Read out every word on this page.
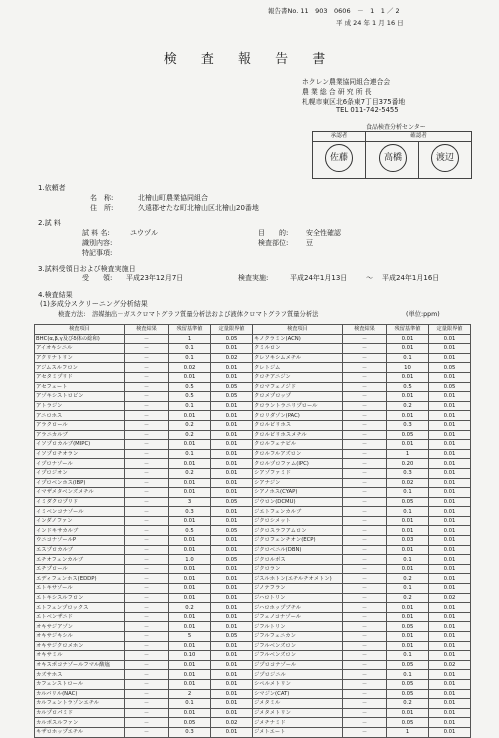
報告書No. 11　903　0606　－　1　1 ／ 2
平 成 24 年 1 月 16 日
検 査 報 告 書
ホクレン農業協同組合連合会
農 業 総 合 研 究 所 長
札幌市東区北6条東7丁目375番地
TEL 011-742-5455
食品検査分析センター
承認者	確認者
佐藤	高橋	渡辺
1.依頼者
名　称:	北檜山町農業協同組合
住　所:	久遠郡せたな町北檜山区北檜山20番地
2.試 料
試 料 名:	ユウヅル	目　　的:	安全性確認
識別内容:	検査部位:	豆
特記事項:
3.試料受領日および検査実施日
受　　領: 平成23年12月7日	検査実施:	平成24年1月13日	〜 平成24年1月16日
4.検査結果
(1)多成分スクリーニング分析結果
検査方法: 溶媒抽出－ガスクロマトグラフ質量分析法および液体クロマトグラフ質量分析法	(単位:ppm)
検査項目	検査結果	残留基準値	定量限界値
BHC(α,β,γ及びδ体の総和)	－	1	0.05
アイオキシニル	－	0.1	0.01
アクリナトリン	－	0.1	0.02
アジムスルフロン	－	0.02	0.01
アセタミプリド	－	0.01	0.01
アセフェート	－	0.5	0.05
アゾキシストロビン	－	0.5	0.05
アトラジン	－	0.1	0.01
アニロホス	－	0.01	0.01
アラクロール	－	0.2	0.01
アラニカルブ	－	0.2	0.01
イソプロカルブ(MIPC)	－	0.01	0.01
イソプロチオラン	－	0.1	0.01
イプロナゾール	－	0.01	0.01
イプロジオン	－	0.2	0.01
イプロベンホス(IBP)	－	0.01	0.01
イマザメタベンズメチル	－	0.01	0.01
イミダクロプリド	－	3	0.05
イミベンコナゾール	－	0.3	0.01
インダノファン	－	0.01	0.01
インドキサカルブ	－	0.5	0.05
ウニコナゾールP	－	0.01	0.01
エスプロカルブ	－	0.01	0.01
エチオフェンカルブ	－	1.0	0.05
エチプロール	－	0.01	0.01
エディフェンホス(EDDP)	－	0.01	0.01
エトキサゾール	－	0.01	0.01
エトキシスルフロン	－	0.01	0.01
エトフェンプロックス	－	0.2	0.01
エトベンザニド	－	0.01	0.01
オキサジアゾン	－	0.01	0.01
オキサジキシル	－	5	0.05
オキサジクロメホン	－	0.01	0.01
オキサミル	－	0.10	0.01
オキスポコナゾールフマル酸塩	－	0.01	0.01
カズサホス	－	0.01	0.01
カフェンストロール	－	0.01	0.01
カルバリル(NAC)	－	2	0.01
カルフェントラゾンエチル	－	0.1	0.01
カルプロパミド	－	0.01	0.01
カルボスルファン	－	0.05	0.02
キザロホップエチル	－	0.3	0.01
検査項目	検査結果	残留基準値	定量限界値
キノクラミン(ACN)	－	0.01	0.01
クミルロン	－	0.01	0.01
クレソキシムメチル	－	0.1	0.01
クレトジム	－	10	0.05
クロチアニジン	－	0.01	0.01
クロマフェノジド	－	0.5	0.05
クロメプロップ	－	0.01	0.01
クロラントラニリプロール	－	0.2	0.01
クロリダゾン(PAC)	－	0.01	0.01
クロルピリホス	－	0.3	0.01
クロルピリホスメチル	－	0.05	0.01
クロルフェナピル	－	0.01	0.01
クロルフルアズロン	－	1	0.01
クロルプロファム(IPC)	－	0.20	0.01
シアゾファミド	－	0.3	0.01
シアナジン	－	0.02	0.01
シアノホス(CYAP)	－	0.1	0.01
ジウロン(DCMU)	－	0.05	0.01
ジエトフェンカルブ	－	0.1	0.01
ジクロシメット	－	0.01	0.01
ジクロスラフアムロン	－	0.01	0.01
ジクロフェンチオン(ECP)	－	0.03	0.01
ジクロベニル(DBN)	－	0.01	0.01
ジクロルボス	－	0.1	0.01
ジクロラン	－	0.01	0.01
ジスルホトン(エチルチオメトン)	－	0.2	0.01
ジノテフラン	－	0.1	0.01
ジハロトリン	－	0.2	0.02
ジハロホップブチル	－	0.01	0.01
ジフェノコナゾール	－	0.01	0.01
ジフルトリン	－	0.05	0.01
ジフルフェニカン	－	0.01	0.01
ジフルベンズロン	－	0.01	0.01
ジフルベンズロン	－	0.1	0.01
ジプロコナゾール	－	0.05	0.02
ジプロジニル	－	0.1	0.01
シペルメトリン	－	0.05	0.01
シマジン(CAT)	－	0.05	0.01
ジメタミル	－	0.2	0.01
ジメタメトリン	－	0.01	0.01
ジメチナミド	－	0.05	0.01
ジメトエート	－	1	0.01
